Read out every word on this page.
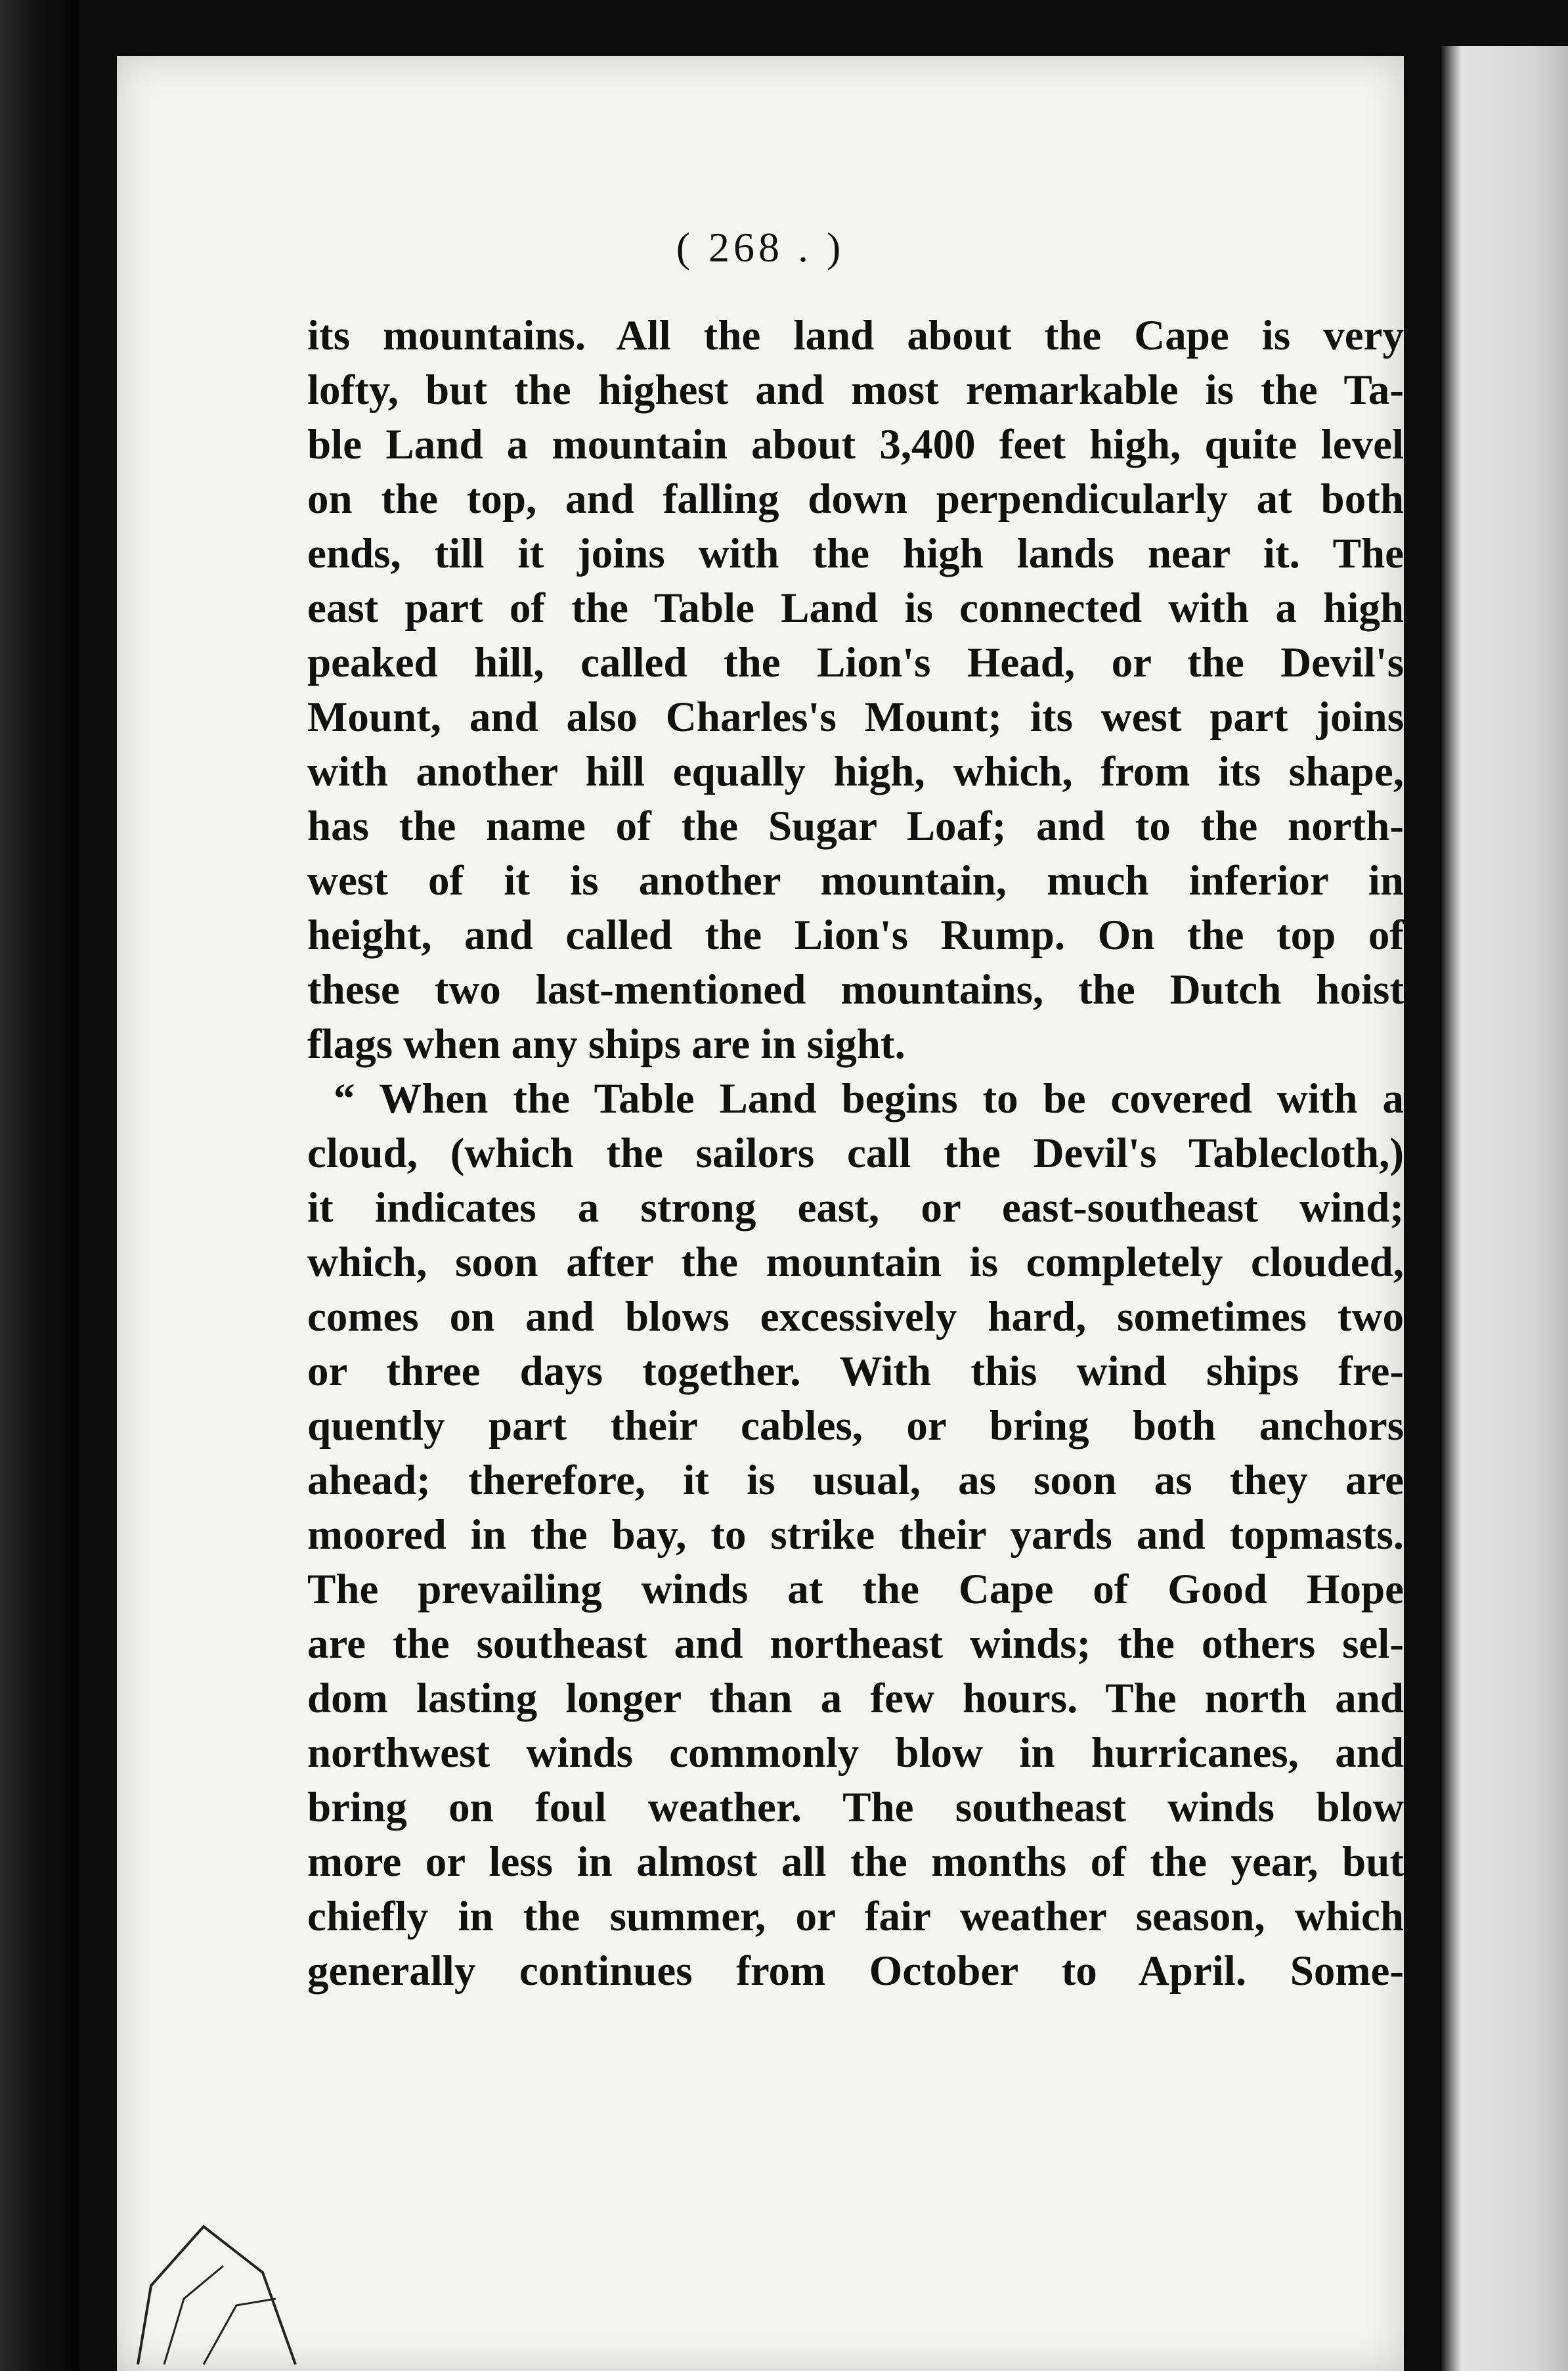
( 268 . )
its mountains. All the land about the Cape is very
lofty, but the highest and most remarkable is the Ta-
ble Land a mountain about 3,400 feet high, quite level
on the top, and falling down perpendicularly at both
ends, till it joins with the high lands near it. The
east part of the Table Land is connected with a high
peaked hill, called the Lion's Head, or the Devil's
Mount, and also Charles's Mount; its west part joins
with another hill equally high, which, from its shape,
has the name of the Sugar Loaf; and to the north-
west of it is another mountain, much inferior in
height, and called the Lion's Rump. On the top of
these two last-mentioned mountains, the Dutch hoist
flags when any ships are in sight.
“ When the Table Land begins to be covered with a
cloud, (which the sailors call the Devil's Tablecloth,)
it indicates a strong east, or east-southeast wind;
which, soon after the mountain is completely clouded,
comes on and blows excessively hard, sometimes two
or three days together. With this wind ships fre-
quently part their cables, or bring both anchors
ahead; therefore, it is usual, as soon as they are
moored in the bay, to strike their yards and topmasts.
The prevailing winds at the Cape of Good Hope
are the southeast and northeast winds; the others sel-
dom lasting longer than a few hours. The north and
northwest winds commonly blow in hurricanes, and
bring on foul weather. The southeast winds blow
more or less in almost all the months of the year, but
chiefly in the summer, or fair weather season, which
generally continues from October to April. Some-
